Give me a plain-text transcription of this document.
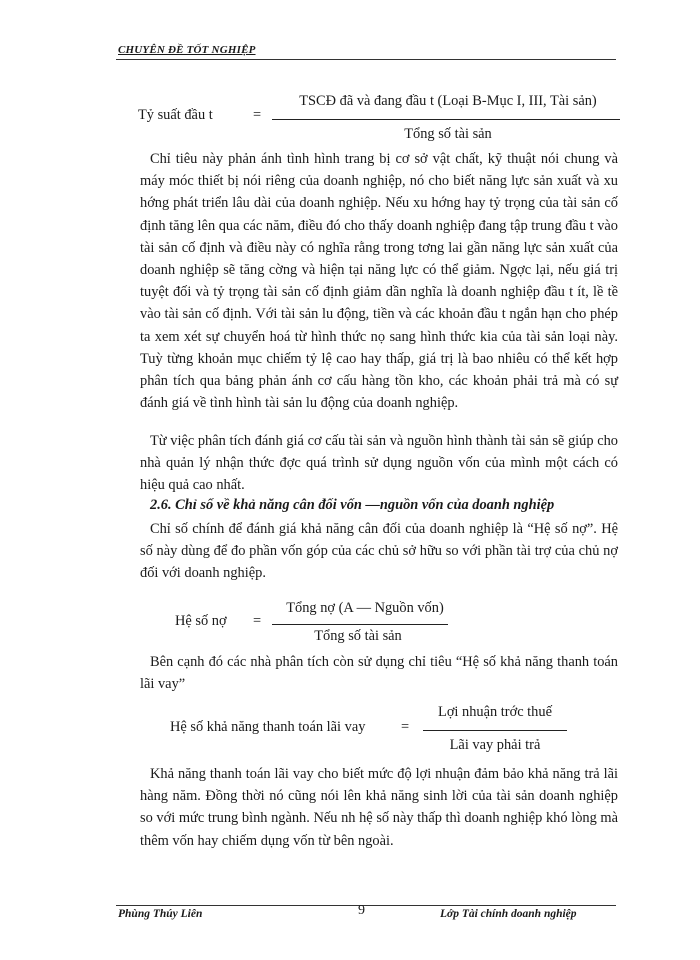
CHUYÊN ĐỀ TỐT NGHIỆP
Tỷ suất đầu t	=
TSCĐ đã và đang đầu t (Loại B-Mục I, III, Tài sản)
Tổng số tài sản

Chỉ tiêu này phản ánh tình hình trang bị cơ sở vật chất, kỹ thuật nói chung và máy móc thiết bị nói riêng của doanh nghiệp, nó cho biết năng lực sản xuất và xu hớng phát triển lâu dài của doanh nghiệp. Nếu xu hớng hay tỷ trọng của tài sản cố định tăng lên qua các năm, điều đó cho thấy doanh nghiệp đang tập trung đầu t vào tài sản cố định và điều này có nghĩa rằng trong tơng lai gần năng lực sản xuất của doanh nghiệp sẽ tăng cờng và hiện tại năng lực có thể giảm. Ngợc lại, nếu giá trị tuyệt đối và tỷ trọng tài sản cố định giảm dần nghĩa là doanh nghiệp đầu t ít, lề tề vào tài sản cố định. Với tài sản lu động, tiền và các khoản đầu t ngắn hạn cho phép ta xem xét sự chuyển hoá từ hình thức nọ sang hình thức kia của tài sản loại này. Tuỳ từng khoản mục chiếm tỷ lệ cao hay thấp, giá trị là bao nhiêu có thể kết hợp phân tích qua bảng phản ánh cơ cấu hàng tồn kho, các khoản phải trả mà có sự đánh giá về tình hình tài sản lu động của doanh nghiệp.

Từ việc phân tích đánh giá cơ cấu tài sản và nguồn hình thành tài sản sẽ giúp cho nhà quản lý nhận thức đợc quá trình sử dụng nguồn vốn của mình một cách có hiệu quả cao nhất.

2.6. Chỉ số về khả năng cân đối vốn —nguồn vốn của doanh nghiệp

Chỉ số chính để đánh giá khả năng cân đối của doanh nghiệp là “Hệ số nợ”. Hệ số này dùng để đo phần vốn góp của các chủ sở hữu so với phần tài trợ của chủ nợ đối với doanh nghiệp.

Hệ số nợ =
Tổng nợ (A — Nguồn vốn)
Tổng số tài sản

Bên cạnh đó các nhà phân tích còn sử dụng chỉ tiêu “Hệ số khả năng thanh toán lãi vay”

Hệ số khả năng thanh toán lãi vay =
Lợi nhuận trớc thuế
Lãi vay phải trả

Khả năng thanh toán lãi vay cho biết mức độ lợi nhuận đảm bảo khả năng trả lãi hàng năm. Đồng thời nó cũng nói lên khả năng sinh lời của tài sản doanh nghiệp so với mức trung bình ngành. Nếu nh hệ số này thấp thì doanh nghiệp khó lòng mà thêm vốn hay chiếm dụng vốn từ bên ngoài.

Phùng Thúy Liên	9	Lớp Tài chính doanh nghiệp
